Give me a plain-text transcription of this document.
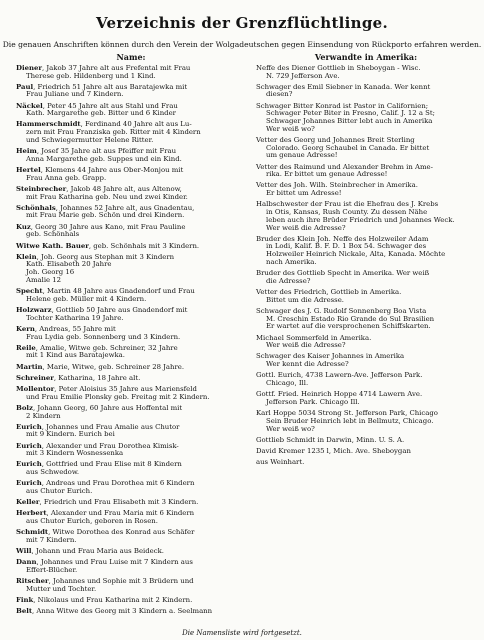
Verzeichnis der Grenzflüchtlinge.
Die genauen Anschriften können durch den Verein der Wolgadeutschen gegen Einsendung von Rückporto erfahren werden.
Name:

Diener, Jakob 37 Jahre alt aus Frefental mit Frau

Therese geb. Hildenberg und 1 Kind.

Paul, Friedrich 51 Jahre alt aus Baratajewka mit

Frau Juliane und 7 Kindern.

Näckel, Peter 45 Jahre alt aus Stahl und Frau

Kath. Margarethe geb. Bitter und 6 Kinder

Hammerschmidt, Ferdinand 40 Jahre alt aus Lu-

zern mit Frau Franziska geb. Ritter mit 4 Kindern

und Schwiegermutter Helene Ritter.

Heim, Josef 35 Jahre alt aus Pfeiffer mit Frau

Anna Margarethe geb. Suppes und ein Kind.

Hertel, Klemens 44 Jahre aus Ober-Monjou mit

Frau Anna geb. Grapp.

Steinbrecher, Jakob 48 Jahre alt, aus Altenow,

mit Frau Katharina geb. Neu und zwei Kinder.

Schönhals, Johannes 52 Jahre alt, aus Gnadentau,

mit Frau Marie geb. Schön und drei Kindern.

Kuz, Georg 30 Jahre aus Kano, mit Frau Pauline

geb. Schönhals

Witwe Kath. Bauer, geb. Schönhals mit 3 Kindern.

Klein, Joh. Georg aus Stephan mit 3 Kindern

Kath. Elisabeth 20 Jahre

Joh. Georg 16

Amalie 12

Specht, Martin 48 Jahre aus Gnadendorf und Frau

Helene geb. Müller mit 4 Kindern.

Holzwarz, Gottlieb 50 Jahre aus Gnadendorf mit

Tochter Katharina 19 Jahre.

Kern, Andreas, 55 Jahre mit

Frau Lydia geb. Sonnenberg und 3 Kindern.

Reile, Amalie, Witwe geb. Schreiner, 32 Jahre

mit 1 Kind aus Baratajewka.

Martin, Marie, Witwe, geb. Schreiner 28 Jahre.

Schreiner, Katharina, 18 Jahre alt.

Mollentor, Peter Aloisius 35 Jahre aus Mariensfeld

und Frau Emilie Plonsky geb. Freitag mit 2 Kindern.

Bolz, Johann Georg, 60 Jahre aus Hoffental mit

2 Kindern

Eurich, Johannes und Frau Amalie aus Chutor

mit 9 Kindern. Eurich bei

Eurich, Alexander und Frau Dorothea Kimisk-

mit 3 Kindern Wosnessenka

Eurich, Gottfried und Frau Elise mit 8 Kindern

aus Schwedow.

Eurich, Andreas und Frau Dorothea mit 6 Kindern

aus Chutor Eurich.

Keller, Friedrich und Frau Elisabeth mit 3 Kindern.

Herbert, Alexander und Frau Maria mit 6 Kindern

aus Chutor Eurich, geboren in Rosen.

Schmidt, Witwe Dorothea des Konrad aus Schäfer

mit 7 Kindern.

Will, Johann und Frau Maria aus Beideck.

Dann, Johannes und Frau Luise mit 7 Kindern aus

Effert-Blücher.

Ritscher, Johannes und Sophie mit 3 Brüdern und

Mutter und Tochter.

Fink, Nikolaus und Frau Katharina mit 2 Kindern.

Belt, Anna Witwe des Georg mit 3 Kindern a. Seelmann

Verwandte in Amerika:

Neffe des Diener Gottlieb in Sheboygan - Wisc.

N. 729 Jefferson Ave.

Schwager des Emil Siebner in Kanada. Wer kennt

diesen?

Schwager Bitter Konrad ist Pastor in Californien;

Schwager Peter Biter in Fresno, Calif. J. 12 a St;

Schwager Johannes Bitter lebt auch in Amerika

Wer weiß wo?

Vetter des Georg und Johannes Breit Sterling

Colorado. Georg Schaubel in Canada. Er bittet

um genaue Adresse!

Vetter des Raimund und Alexander Brehm in Ame-

rika. Er bittet um genaue Adresse!

Vetter des Joh. Wilh. Steinbrecher in Amerika.

Er bittet um Adresse!

Halbschwester der Frau ist die Ehefrau des J. Krebs

in Otis, Kansas, Rush County. Zu dessen Nähe

leben auch ihre Brüder Friedrich und Johannes Weck.

Wer weiß die Adresse?

Bruder des Klein Joh. Neffe des Holzweiler Adam

in Lodi, Kalif. B. F. D. 1 Box 54. Schwager des

Holzweiler Heinrich Nickale, Alta, Kanada. Möchte

nach Amerika.

Bruder des Gottlieb Specht in Amerika. Wer weiß

die Adresse?

Vetter des Friedrich, Gottlieb in Amerika.

Bittet um die Adresse.

Schwager des J. G. Rudolf Sonnenberg Boa Vista

M. Creschin Estado Rio Grande do Sul Brasilien

Er wartet auf die versprochenen Schiffskarten.

Michael Sommerfeld in Amerika.

Wer weiß die Adresse?

Schwager des Kaiser Johannes in Amerika

Wer kennt die Adresse?

Gottl. Eurich, 4738 Lawern-Ave. Jefferson Park.

Chicago, Ill.

Gottf. Fried. Heinrich Hoppe 4714 Lawern Ave.

Jefferson Park. Chicago Ill.

Karl Hoppe 5034 Strong St. Jefferson Park, Chicago

Sein Bruder Heinrich lebt in Bellmutz, Chicago.

Wer weiß wo?

Gottlieb Schmidt in Darwin, Minn. U. S. A.

David Kremer 1235 l, Mich. Ave. Sheboygan

aus Weinhart.

Die Namensliste wird fortgesetzt.
